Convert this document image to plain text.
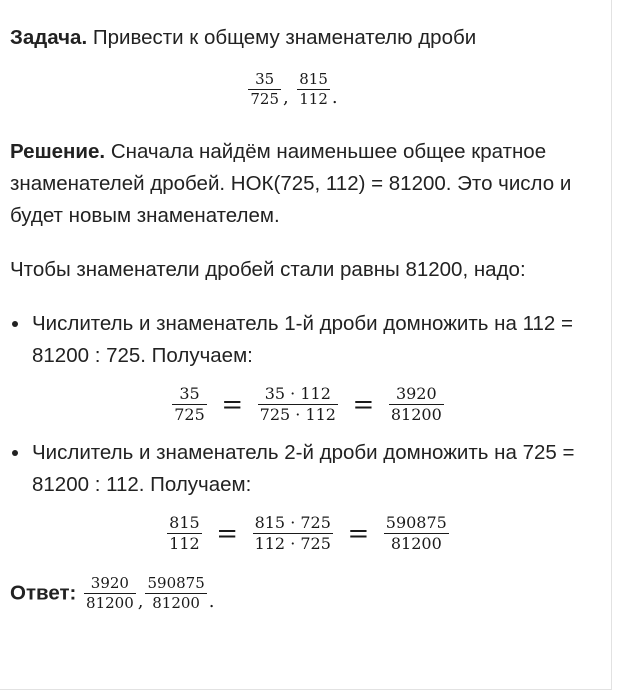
Задача. Привести к общему знаменателю дроби

$\frac{35}{725}$ , $\frac{815}{112}$ .

Решение. Сначала найдём наименьшее общее кратное знаменателей дробей. НОК(725, 112) = 81200. Это число и будет новым знаменателем.

Чтобы знаменатели дробей стали равны 81200, надо:

Числитель и знаменатель 1-й дроби домножить на 112 = 81200 : 725. Получаем:
$\frac{35}{725} = \frac{35 \cdot 112}{725 \cdot 112} = \frac{3920}{81200}$
Числитель и знаменатель 2-й дроби домножить на 725 = 81200 : 112. Получаем:
$\frac{815}{112} = \frac{815 \cdot 725}{112 \cdot 725} = \frac{590875}{81200}$

Ответ: $\frac{3920}{81200}$ , $\frac{590875}{81200}$ .
